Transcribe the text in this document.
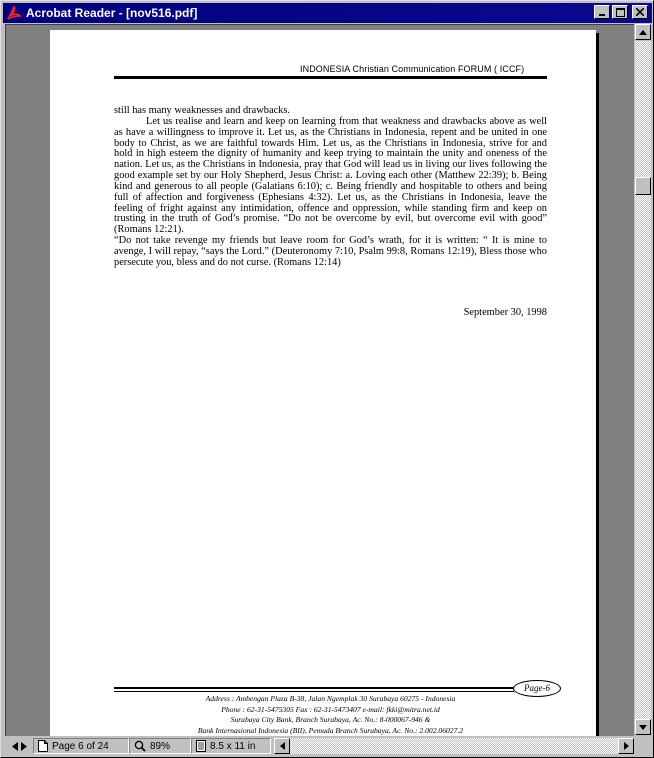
Acrobat Reader - [nov516.pdf]
INDONESIA Christian Communication FORUM ( ICCF)

still has many weaknesses and drawbacks.

Let us realise and learn and keep on learning from that weakness and drawbacks above as well as have a willingness to improve it. Let us, as the Christians in Indonesia, repent and be united in one body to Christ, as we are faithful towards Him. Let us, as the Christians in Indonesia, strive for and hold in high esteem the dignity of humanity and keep trying to maintain the unity and oneness of the nation. Let us, as the Christians in Indonesia, pray that God will lead us in living our lives following the good example set by our Holy Shepherd, Jesus Christ: a. Loving each other (Matthew 22:39); b. Being kind and generous to all people (Galatians 6:10); c. Being friendly and hospitable to others and being full of affection and forgiveness (Ephesians 4:32). Let us, as the Christians in Indonesia, leave the feeling of fright against any intimidation, offence and oppression, while standing firm and keep on trusting in the truth of God’s promise. “Do not be overcome by evil, but overcome evil with good” (Romans 12:21).

“Do not take revenge my friends but leave room for God’s wrath, for it is written: “ It is mine to avenge, I will repay, “says the Lord.” (Deuteronomy 7:10, Psalm 99:8, Romans 12:19), Bless those who persecute you, bless and do not curse. (Romans 12:14)

September 30, 1998
Page-6
Address : Ambengan Plaza B-38, Jalan Ngemplak 30 Surabaya 60275 - Indonesia
Phone : 62-31-5475305 Fax : 62-31-5473407 e-mail: fkki@mitra.net.id
Surabaya City Bank, Branch Surabaya, Ac. No.: 8-000067-946 &
Bank Internasional Indonesia (BII), Pemuda Branch Surabaya, Ac. No.: 2.002.06027.2
Page 6 of 24	89%	8.5 x 11 in
